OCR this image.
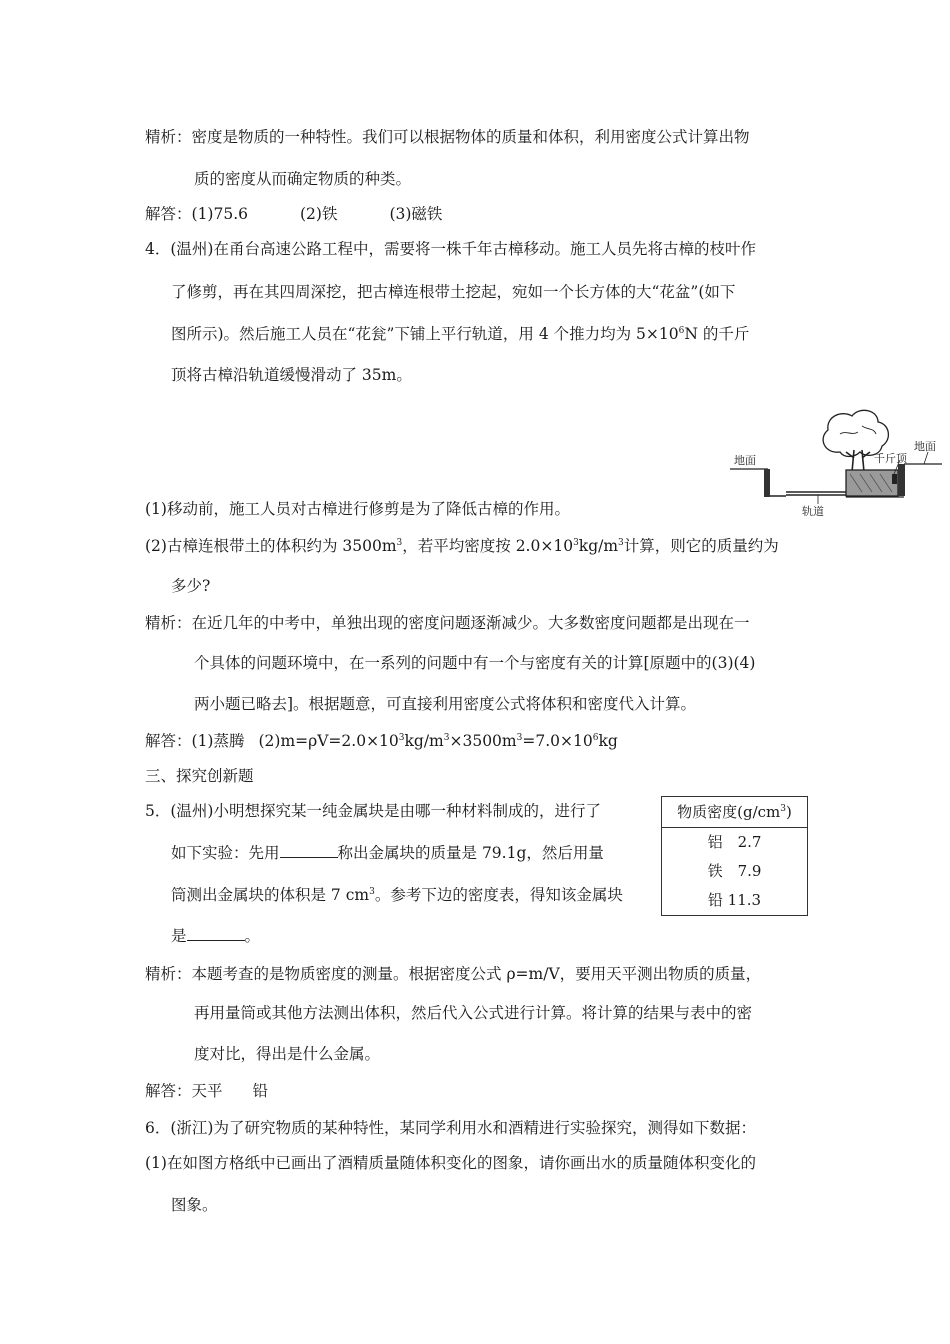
精析：密度是物质的一种特性。我们可以根据物体的质量和体积，利用密度公式计算出物
质的密度从而确定物质的种类。
解答：(1)75.6	(2)铁	(3)磁铁
4．(温州)在甬台高速公路工程中，需要将一株千年古樟移动。施工人员先将古樟的枝叶作
了修剪，再在其四周深挖，把古樟连根带土挖起，宛如一个长方体的大“花盆”(如下
图所示)。然后施工人员在“花瓮”下铺上平行轨道，用 4 个推力均为 $5\times 10^6N$ 的千斤
顶将古樟沿轨道缓慢滑动了 35m。
地面
地面
千斤顶
轨道
(1)移动前，施工人员对古樟进行修剪是为了降低古樟的作用。
(2)古樟连根带土的体积约为 $3500m^3$，若平均密度按 $2.0\times 10^3kg/m^3$计算，则它的质量约为
多少?
精析：在近几年的中考中，单独出现的密度问题逐渐减少。大多数密度问题都是出现在一
个具体的问题环境中，在一系列的问题中有一个与密度有关的计算[原题中的(3)(4)
两小题已略去]。根据题意，可直接利用密度公式将体积和密度代入计算。
解答：(1)蒸腾 $(2)m=\rho V=2.0\times 10^3kg/m^3\times 3500m^3=7.0\times 10^6kg$
三、探究创新题
5．(温州)小明想探究某一纯金属块是由哪一种材料制成的，进行了
如下实验：先用	称出金属块的质量是 79.1g，然后用量
筒测出金属块的体积是 7 $cm^3$。参考下边的密度表，得知该金属块
是	。
物质密度$(g/cm^3)$
铝　2.7
铁　7.9
铅 11.3
精析：本题考查的是物质密度的测量。根据密度公式 ρ=m/V，要用天平测出物质的质量，
再用量筒或其他方法测出体积，然后代入公式进行计算。将计算的结果与表中的密
度对比，得出是什么金属。
解答：天平 铅
6．(浙江)为了研究物质的某种特性，某同学利用水和酒精进行实验探究，测得如下数据：
(1)在如图方格纸中已画出了酒精质量随体积变化的图象，请你画出水的质量随体积变化的
图象。
